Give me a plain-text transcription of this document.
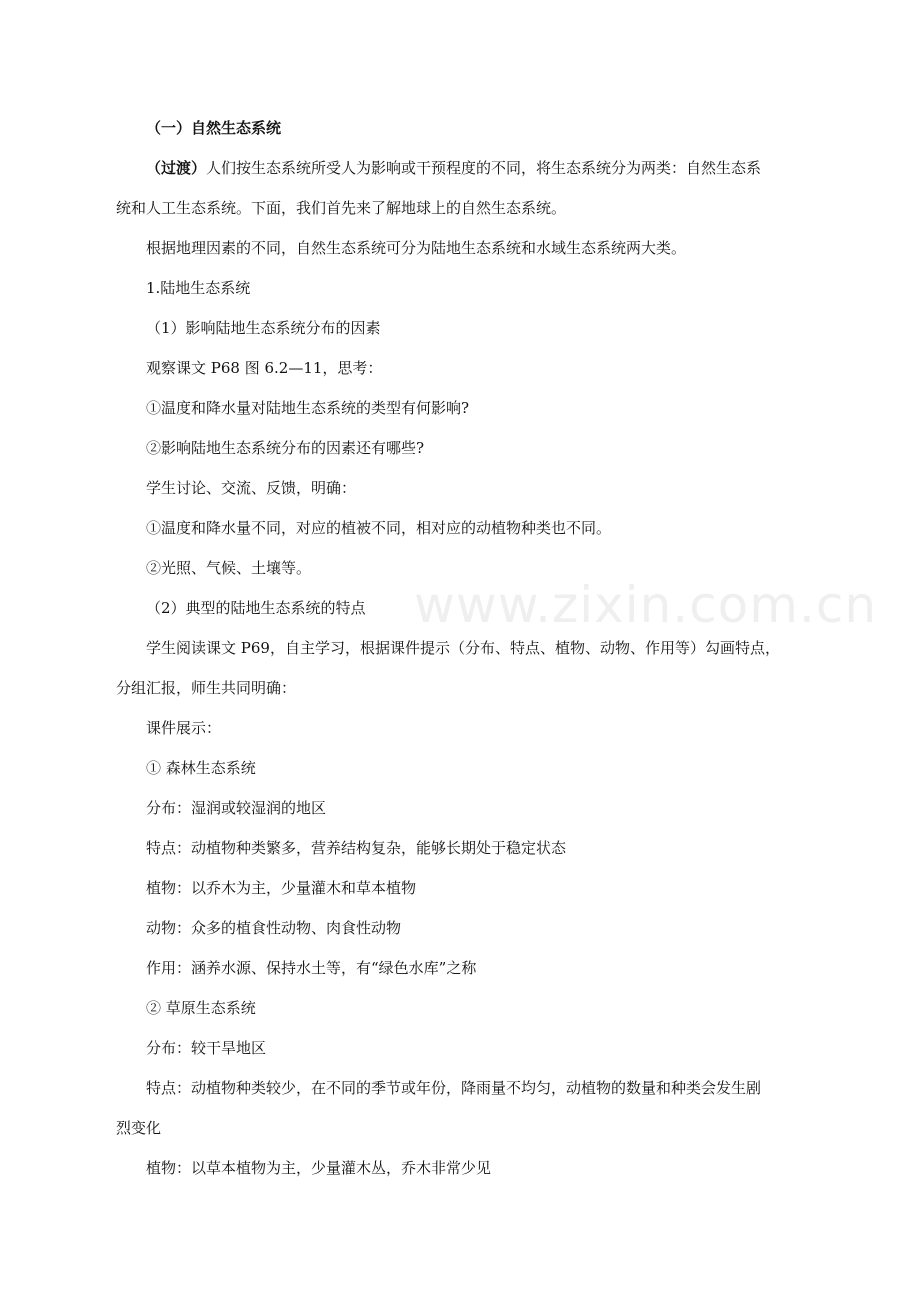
www.zixin.com.cn

（一）自然生态系统

（过渡）人们按生态系统所受人为影响或干预程度的不同，将生态系统分为两类：自然生态系
统和人工生态系统。下面，我们首先来了解地球上的自然生态系统。

根据地理因素的不同，自然生态系统可分为陆地生态系统和水域生态系统两大类。

1.陆地生态系统

（1）影响陆地生态系统分布的因素

观察课文 P68 图 6.2—11，思考：

①温度和降水量对陆地生态系统的类型有何影响?

②影响陆地生态系统分布的因素还有哪些?

学生讨论、交流、反馈，明确：

①温度和降水量不同，对应的植被不同，相对应的动植物种类也不同。

②光照、气候、土壤等。

（2）典型的陆地生态系统的特点

学生阅读课文 P69，自主学习，根据课件提示（分布、特点、植物、动物、作用等）勾画特点，
分组汇报，师生共同明确：

课件展示：

① 森林生态系统

分布：湿润或较湿润的地区

特点：动植物种类繁多，营养结构复杂，能够长期处于稳定状态

植物：以乔木为主，少量灌木和草本植物

动物：众多的植食性动物、肉食性动物

作用：涵养水源、保持水土等，有“绿色水库”之称

② 草原生态系统

分布：较干旱地区

特点：动植物种类较少，在不同的季节或年份，降雨量不均匀，动植物的数量和种类会发生剧
烈变化

植物：以草本植物为主，少量灌木丛，乔木非常少见
